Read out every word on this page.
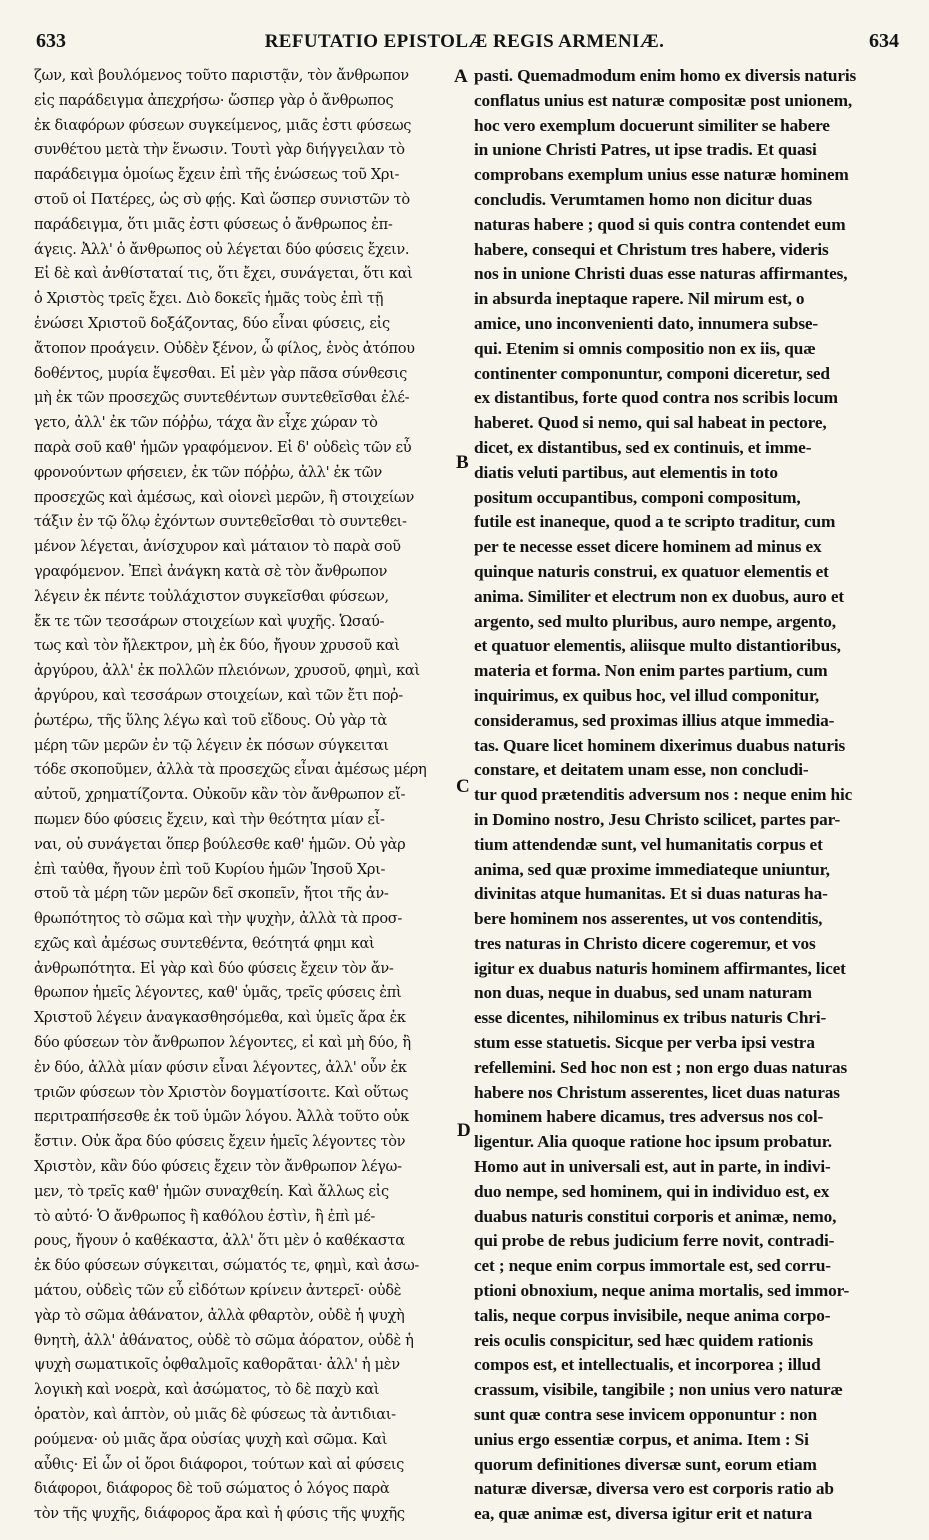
633	REFUTATIO EPISTOLÆ REGIS ARMENIÆ.	634
ζων, καὶ βουλόμενος τοῦτο παριστᾷν, τὸν ἄνθρωπον
εἰς παράδειγμα ἀπεχρήσω· ὥσπερ γὰρ ὁ ἄνθρωπος
ἐκ διαφόρων φύσεων συγκείμενος, μιᾶς ἐστι φύσεως
συνθέτου μετὰ τὴν ἕνωσιν. Τουτὶ γὰρ διήγγειλαν τὸ
παράδειγμα ὁμοίως ἔχειν ἐπὶ τῆς ἑνώσεως τοῦ Χρι-
στοῦ οἱ Πατέρες, ὡς σὺ φῄς. Καὶ ὥσπερ συνιστῶν τὸ
παράδειγμα, ὅτι μιᾶς ἐστι φύσεως ὁ ἄνθρωπος ἐπ-
άγεις. Ἀλλ' ὁ ἄνθρωπος οὐ λέγεται δύο φύσεις ἔχειν.
Εἰ δὲ καὶ ἀνθίσταταί τις, ὅτι ἔχει, συνάγεται, ὅτι καὶ
ὁ Χριστὸς τρεῖς ἔχει. Διὸ δοκεῖς ἡμᾶς τοὺς ἐπὶ τῇ
ἑνώσει Χριστοῦ δοξάζοντας, δύο εἶναι φύσεις, εἰς
ἄτοπον προάγειν. Οὐδὲν ξένον, ὦ φίλος, ἑνὸς ἀτόπου
δοθέντος, μυρία ἕψεσθαι. Εἰ μὲν γὰρ πᾶσα σύνθεσις
μὴ ἐκ τῶν προσεχῶς συντεθέντων συντεθεῖσθαι ἐλέ-
γετο, ἀλλ' ἐκ τῶν πόῤῥω, τάχα ἂν εἶχε χώραν τὸ
παρὰ σοῦ καθ' ἡμῶν γραφόμενον. Εἰ δ' οὐδεὶς τῶν εὖ
φρονούντων φήσειεν, ἐκ τῶν πόῤῥω, ἀλλ' ἐκ τῶν
προσεχῶς καὶ ἀμέσως, καὶ οἱονεὶ μερῶν, ἢ στοιχείων
τάξιν ἐν τῷ ὅλῳ ἐχόντων συντεθεῖσθαι τὸ συντεθει-
μένον λέγεται, ἀνίσχυρον καὶ μάταιον τὸ παρὰ σοῦ
γραφόμενον. Ἐπεὶ ἀνάγκη κατὰ σὲ τὸν ἄνθρωπον
λέγειν ἐκ πέντε τοὐλάχιστον συγκεῖσθαι φύσεων,
ἔκ τε τῶν τεσσάρων στοιχείων καὶ ψυχῆς. Ὡσαύ-
τως καὶ τὸν ἤλεκτρον, μὴ ἐκ δύο, ἤγουν χρυσοῦ καὶ
ἀργύρου, ἀλλ' ἐκ πολλῶν πλειόνων, χρυσοῦ, φημὶ, καὶ
ἀργύρου, καὶ τεσσάρων στοιχείων, καὶ τῶν ἔτι ποῤ-
ῥωτέρω, τῆς ὕλης λέγω καὶ τοῦ εἴδους. Οὐ γὰρ τὰ
μέρη τῶν μερῶν ἐν τῷ λέγειν ἐκ πόσων σύγκειται
τόδε σκοποῦμεν, ἀλλὰ τὰ προσεχῶς εἶναι ἀμέσως μέρη
αὐτοῦ, χρηματίζοντα. Οὐκοῦν κἂν τὸν ἄνθρωπον εἴ-
πωμεν δύο φύσεις ἔχειν, καὶ τὴν θεότητα μίαν εἶ-
ναι, οὐ συνάγεται ὅπερ βούλεσθε καθ' ἡμῶν. Οὐ γὰρ
ἐπὶ ταὐθα, ἤγουν ἐπὶ τοῦ Κυρίου ἡμῶν Ἰησοῦ Χρι-
στοῦ τὰ μέρη τῶν μερῶν δεῖ σκοπεῖν, ἤτοι τῆς ἀν-
θρωπότητος τὸ σῶμα καὶ τὴν ψυχὴν, ἀλλὰ τὰ προσ-
εχῶς καὶ ἀμέσως συντεθέντα, θεότητά φημι καὶ
ἀνθρωπότητα. Εἰ γὰρ καὶ δύο φύσεις ἔχειν τὸν ἄν-
θρωπον ἡμεῖς λέγοντες, καθ' ὑμᾶς, τρεῖς φύσεις ἐπὶ
Χριστοῦ λέγειν ἀναγκασθησόμεθα, καὶ ὑμεῖς ἄρα ἐκ
δύο φύσεων τὸν ἄνθρωπον λέγοντες, εἰ καὶ μὴ δύο, ἢ
ἐν δύο, ἀλλὰ μίαν φύσιν εἶναι λέγοντες, ἀλλ' οὖν ἐκ
τριῶν φύσεων τὸν Χριστὸν δογματίσοιτε. Καὶ οὕτως
περιτραπήσεσθε ἐκ τοῦ ὑμῶν λόγου. Ἀλλὰ τοῦτο οὐκ
ἔστιν. Οὐκ ἄρα δύο φύσεις ἔχειν ἡμεῖς λέγοντες τὸν
Χριστὸν, κἂν δύο φύσεις ἔχειν τὸν ἄνθρωπον λέγω-
μεν, τὸ τρεῖς καθ' ἡμῶν συναχθείη. Καὶ ἄλλως εἰς
τὸ αὐτό· Ὁ ἄνθρωπος ἢ καθόλου ἐστὶν, ἢ ἐπὶ μέ-
ρους, ἤγουν ὁ καθέκαστα, ἀλλ' ὅτι μὲν ὁ καθέκαστα
ἐκ δύο φύσεων σύγκειται, σώματός τε, φημὶ, καὶ ἀσω-
μάτου, οὐδεὶς τῶν εὖ εἰδότων κρίνειν ἀντερεῖ· οὐδὲ
γὰρ τὸ σῶμα ἀθάνατον, ἀλλὰ φθαρτὸν, οὐδὲ ἡ ψυχὴ
θνητὴ, ἀλλ' ἀθάνατος, οὐδὲ τὸ σῶμα ἀόρατον, οὐδὲ ἡ
ψυχὴ σωματικοῖς ὀφθαλμοῖς καθορᾶται· ἀλλ' ἡ μὲν
λογικὴ καὶ νοερὰ, καὶ ἀσώματος, τὸ δὲ παχὺ καὶ
ὁρατὸν, καὶ ἁπτὸν, οὐ μιᾶς δὲ φύσεως τὰ ἀντιδιαι-
ρούμενα· οὐ μιᾶς ἄρα οὐσίας ψυχὴ καὶ σῶμα. Καὶ
αὖθις· Εἰ ὧν οἱ ὅροι διάφοροι, τούτων καὶ αἱ φύσεις
διάφοροι, διάφορος δὲ τοῦ σώματος ὁ λόγος παρὰ
τὸν τῆς ψυχῆς, διάφορος ἄρα καὶ ἡ φύσις τῆς ψυχῆς
pasti. Quemadmodum enim homo ex diversis naturis
conflatus unius est naturæ compositæ post unionem,
hoc vero exemplum docuerunt similiter se habere
in unione Christi Patres, ut ipse tradis. Et quasi
comprobans exemplum unius esse naturæ hominem
concludis. Verumtamen homo non dicitur duas
naturas habere ; quod si quis contra contendet eum
habere, consequi et Christum tres habere, videris
nos in unione Christi duas esse naturas affirmantes,
in absurda ineptaque rapere. Nil mirum est, o
amice, uno inconvenienti dato, innumera subse-
qui. Etenim si omnis compositio non ex iis, quæ
continenter componuntur, componi diceretur, sed
ex distantibus, forte quod contra nos scribis locum
haberet. Quod si nemo, qui sal habeat in pectore,
dicet, ex distantibus, sed ex continuis, et imme-
diatis veluti partibus, aut elementis in toto
positum occupantibus, componi compositum,
futile est inaneque, quod a te scripto traditur, cum
per te necesse esset dicere hominem ad minus ex
quinque naturis construi, ex quatuor elementis et
anima. Similiter et electrum non ex duobus, auro et
argento, sed multo pluribus, auro nempe, argento,
et quatuor elementis, aliisque multo distantioribus,
materia et forma. Non enim partes partium, cum
inquirimus, ex quibus hoc, vel illud componitur,
consideramus, sed proximas illius atque immedia-
tas. Quare licet hominem dixerimus duabus naturis
constare, et deitatem unam esse, non concludi-
tur quod prætenditis adversum nos : neque enim hic
in Domino nostro, Jesu Christo scilicet, partes par-
tium attendendæ sunt, vel humanitatis corpus et
anima, sed quæ proxime immediateque uniuntur,
divinitas atque humanitas. Et si duas naturas ha-
bere hominem nos asserentes, ut vos contenditis,
tres naturas in Christo dicere cogeremur, et vos
igitur ex duabus naturis hominem affirmantes, licet
non duas, neque in duabus, sed unam naturam
esse dicentes, nihilominus ex tribus naturis Chri-
stum esse statuetis. Sicque per verba ipsi vestra
refellemini. Sed hoc non est ; non ergo duas naturas
habere nos Christum asserentes, licet duas naturas
hominem habere dicamus, tres adversus nos col-
ligentur. Alia quoque ratione hoc ipsum probatur.
Homo aut in universali est, aut in parte, in indivi-
duo nempe, sed hominem, qui in individuo est, ex
duabus naturis constitui corporis et animæ, nemo,
qui probe de rebus judicium ferre novit, contradi-
cet ; neque enim corpus immortale est, sed corru-
ptioni obnoxium, neque anima mortalis, sed immor-
talis, neque corpus invisibile, neque anima corpo-
reis oculis conspicitur, sed hæc quidem rationis
compos est, et intellectualis, et incorporea ; illud
crassum, visibile, tangibile ; non unius vero naturæ
sunt quæ contra sese invicem opponuntur : non
unius ergo essentiæ corpus, et anima. Item : Si
quorum definitiones diversæ sunt, eorum etiam
naturæ diversæ, diversa vero est corporis ratio ab
ea, quæ animæ est, diversa igitur erit et natura
A
B
C
D
